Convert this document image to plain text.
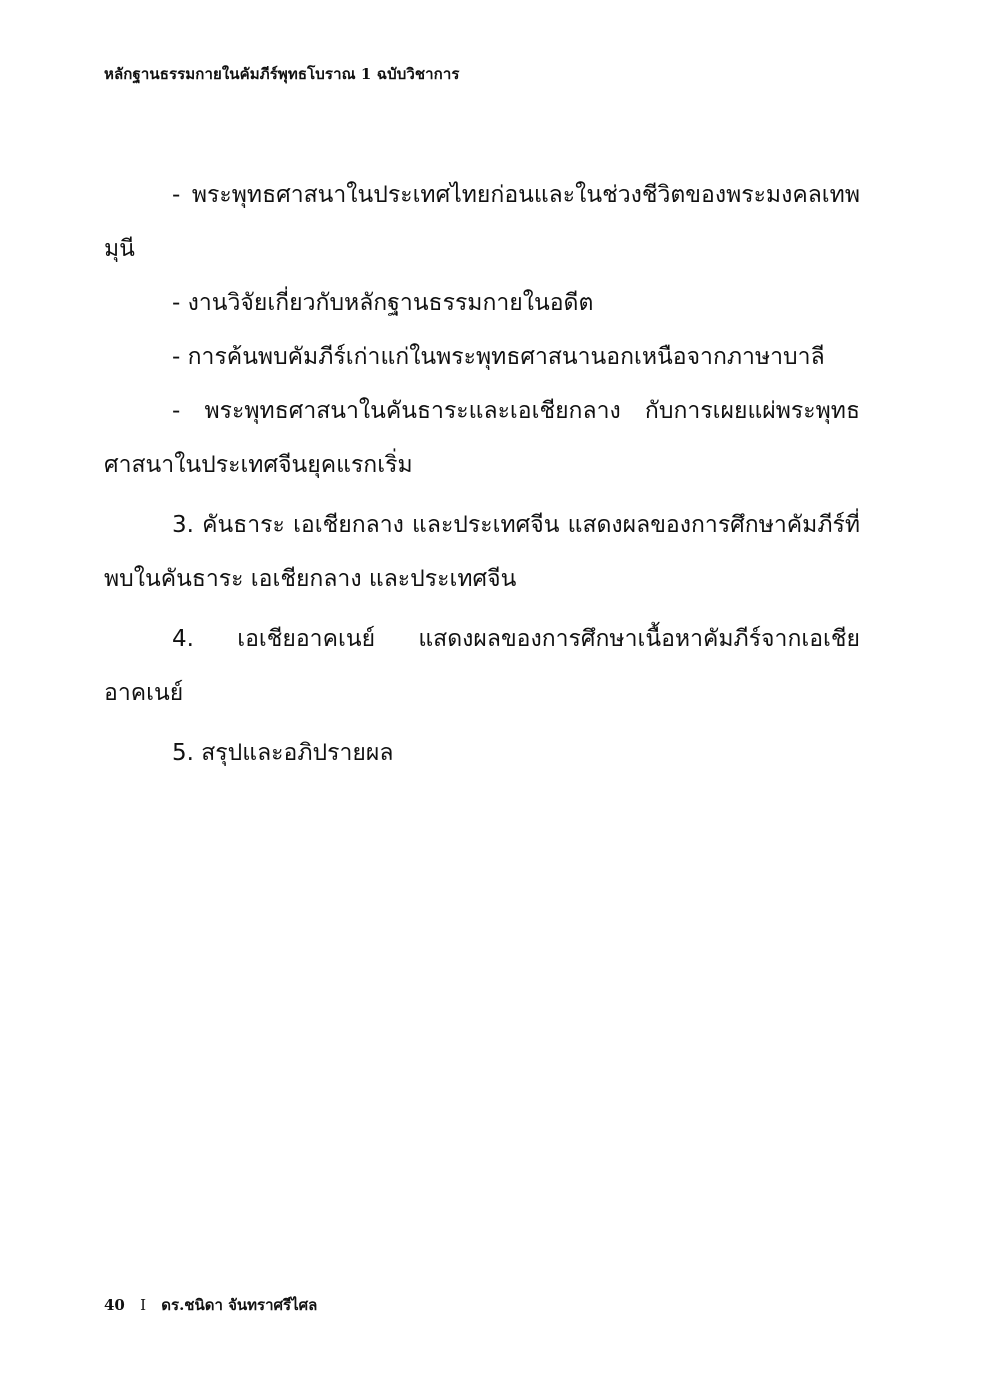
หลักฐานธรรมกายในคัมภีร์พุทธโบราณ 1 ฉบับวิชาการ

- พระพุทธศาสนาในประเทศไทยก่อนและในช่วงชีวิตของพระมงคลเทพมุนี

- งานวิจัยเกี่ยวกับหลักฐานธรรมกายในอดีต

- การค้นพบคัมภีร์เก่าแก่ในพระพุทธศาสนานอกเหนือจากภาษาบาลี

- พระพุทธศาสนาในคันธาระและเอเชียกลาง กับการเผยแผ่พระพุทธศาสนาในประเทศจีนยุคแรกเริ่ม

3. คันธาระ เอเชียกลาง และประเทศจีน แสดงผลของการศึกษาคัมภีร์ที่พบในคันธาระ เอเชียกลาง และประเทศจีน

4. เอเชียอาคเนย์ แสดงผลของการศึกษาเนื้อหาคัมภีร์จากเอเชียอาคเนย์

5. สรุปและอภิปรายผล

40 I ดร.ชนิดา จันทราศรีไศล
